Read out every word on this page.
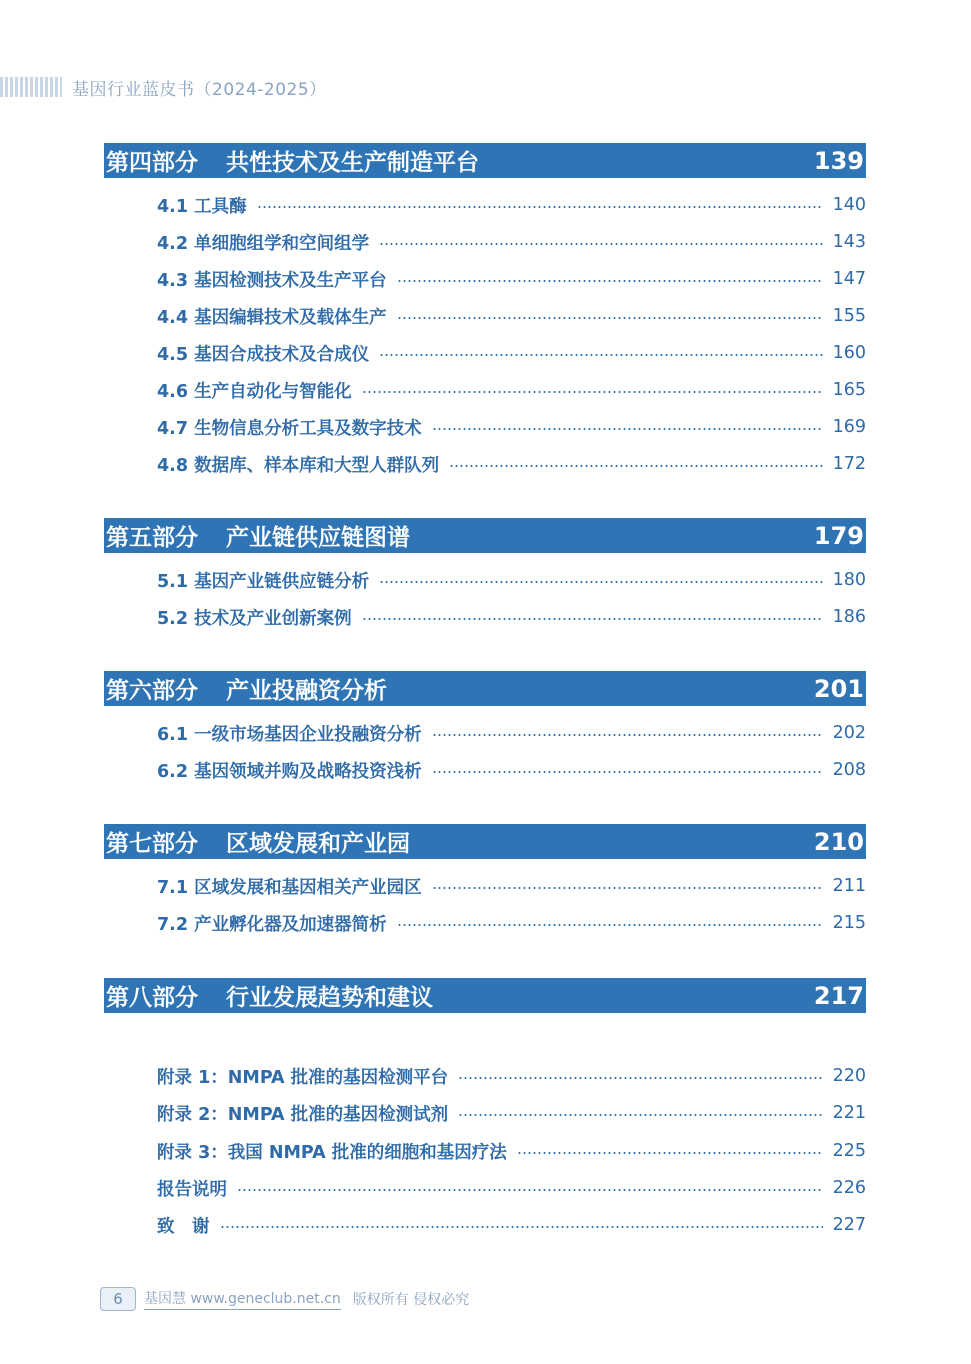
基因行业蓝皮书（2024-2025）
第四部分 共性技术及生产制造平台	139
4.1 工具酶	140
4.2 单细胞组学和空间组学	143
4.3 基因检测技术及生产平台	147
4.4 基因编辑技术及载体生产	155
4.5 基因合成技术及合成仪	160
4.6 生产自动化与智能化	165
4.7 生物信息分析工具及数字技术	169
4.8 数据库、样本库和大型人群队列	172
第五部分 产业链供应链图谱	179
5.1 基因产业链供应链分析	180
5.2 技术及产业创新案例	186
第六部分 产业投融资分析	201
6.1 一级市场基因企业投融资分析	202
6.2 基因领域并购及战略投资浅析	208
第七部分 区域发展和产业园	210
7.1 区域发展和基因相关产业园区	211
7.2 产业孵化器及加速器简析	215
第八部分 行业发展趋势和建议	217
附录 1：NMPA 批准的基因检测平台	220
附录 2：NMPA 批准的基因检测试剂	221
附录 3：我国 NMPA 批准的细胞和基因疗法	225
报告说明	226
致　谢	227
6	基因慧 www.geneclub.net.cn 版权所有 侵权必究
